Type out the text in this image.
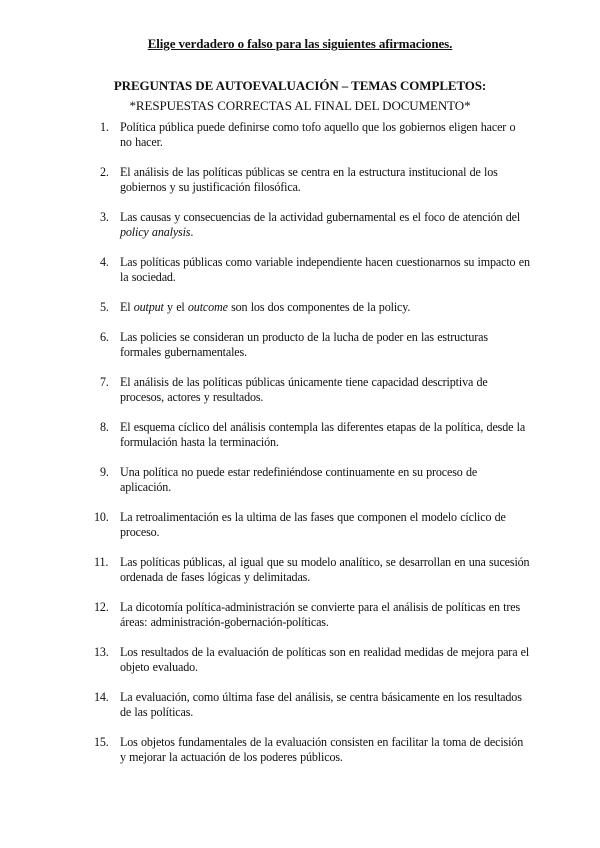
Elige verdadero o falso para las siguientes afirmaciones.
PREGUNTAS DE AUTOEVALUACIÓN – TEMAS COMPLETOS:
*RESPUESTAS CORRECTAS AL FINAL DEL DOCUMENTO*
1. Política pública puede definirse como tofo aquello que los gobiernos eligen hacer o no hacer.
2. El análisis de las políticas públicas se centra en la estructura institucional de los gobiernos y su justificación filosófica.
3. Las causas y consecuencias de la actividad gubernamental es el foco de atención del policy analysis.
4. Las políticas públicas como variable independiente hacen cuestionarnos su impacto en la sociedad.
5. El output y el outcome son los dos componentes de la policy.
6. Las policies se consideran un producto de la lucha de poder en las estructuras formales gubernamentales.
7. El análisis de las políticas públicas únicamente tiene capacidad descriptiva de procesos, actores y resultados.
8. El esquema cíclico del análisis contempla las diferentes etapas de la política, desde la formulación hasta la terminación.
9. Una política no puede estar redefiniéndose continuamente en su proceso de aplicación.
10. La retroalimentación es la ultima de las fases que componen el modelo cíclico de proceso.
11. Las políticas públicas, al igual que su modelo analítico, se desarrollan en una sucesión ordenada de fases lógicas y delimitadas.
12. La dicotomía política-administración se convierte para el análisis de políticas en tres áreas: administración-gobernación-políticas.
13. Los resultados de la evaluación de políticas son en realidad medidas de mejora para el objeto evaluado.
14. La evaluación, como última fase del análisis, se centra básicamente en los resultados de las políticas.
15. Los objetos fundamentales de la evaluación consisten en facilitar la toma de decisión y mejorar la actuación de los poderes públicos.
